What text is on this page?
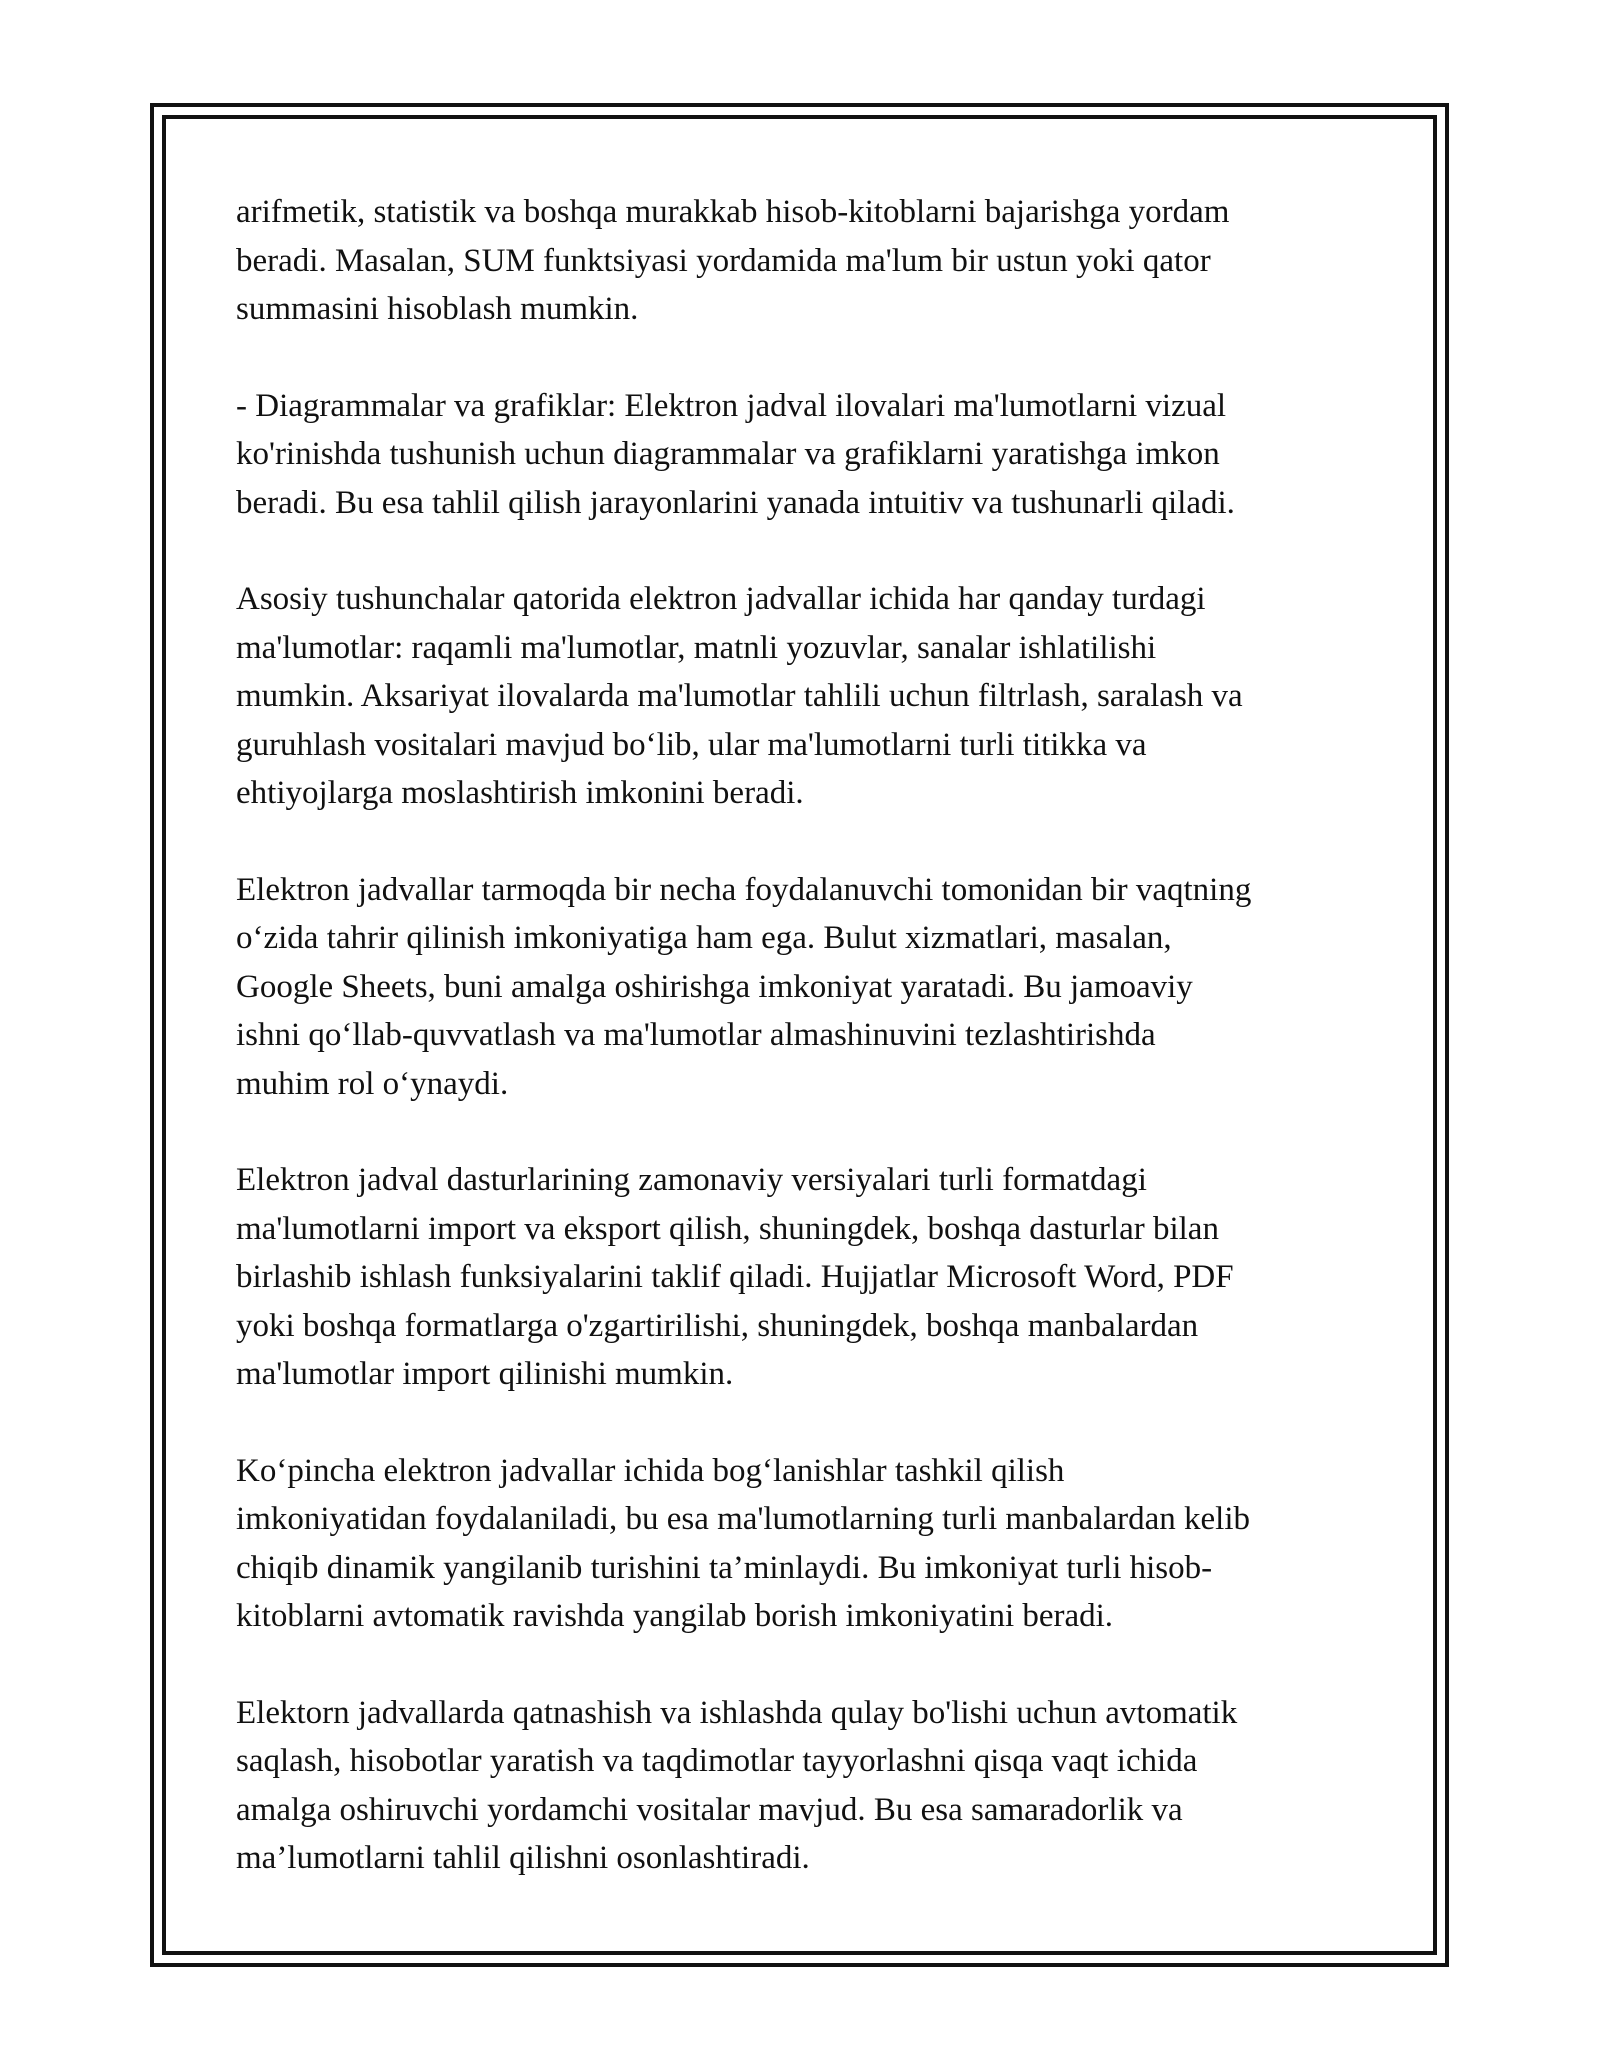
arifmetik, statistik va boshqa murakkab hisob-kitoblarni bajarishga yordam
beradi. Masalan, SUM funktsiyasi yordamida ma'lum bir ustun yoki qator
summasini hisoblash mumkin.

- Diagrammalar va grafiklar: Elektron jadval ilovalari ma'lumotlarni vizual
ko'rinishda tushunish uchun diagrammalar va grafiklarni yaratishga imkon
beradi. Bu esa tahlil qilish jarayonlarini yanada intuitiv va tushunarli qiladi.

Asosiy tushunchalar qatorida elektron jadvallar ichida har qanday turdagi
ma'lumotlar: raqamli ma'lumotlar, matnli yozuvlar, sanalar ishlatilishi
mumkin. Aksariyat ilovalarda ma'lumotlar tahlili uchun filtrlash, saralash va
guruhlash vositalari mavjud bo‘lib, ular ma'lumotlarni turli titikka va
ehtiyojlarga moslashtirish imkonini beradi.

Elektron jadvallar tarmoqda bir necha foydalanuvchi tomonidan bir vaqtning
o‘zida tahrir qilinish imkoniyatiga ham ega. Bulut xizmatlari, masalan,
Google Sheets, buni amalga oshirishga imkoniyat yaratadi. Bu jamoaviy
ishni qo‘llab-quvvatlash va ma'lumotlar almashinuvini tezlashtirishda
muhim rol o‘ynaydi.

Elektron jadval dasturlarining zamonaviy versiyalari turli formatdagi
ma'lumotlarni import va eksport qilish, shuningdek, boshqa dasturlar bilan
birlashib ishlash funksiyalarini taklif qiladi. Hujjatlar Microsoft Word, PDF
yoki boshqa formatlarga o'zgartirilishi, shuningdek, boshqa manbalardan
ma'lumotlar import qilinishi mumkin.

Ko‘pincha elektron jadvallar ichida bog‘lanishlar tashkil qilish
imkoniyatidan foydalaniladi, bu esa ma'lumotlarning turli manbalardan kelib
chiqib dinamik yangilanib turishini ta’minlaydi. Bu imkoniyat turli hisob-
kitoblarni avtomatik ravishda yangilab borish imkoniyatini beradi.

Elektorn jadvallarda qatnashish va ishlashda qulay bo'lishi uchun avtomatik
saqlash, hisobotlar yaratish va taqdimotlar tayyorlashni qisqa vaqt ichida
amalga oshiruvchi yordamchi vositalar mavjud. Bu esa samaradorlik va
ma’lumotlarni tahlil qilishni osonlashtiradi.
